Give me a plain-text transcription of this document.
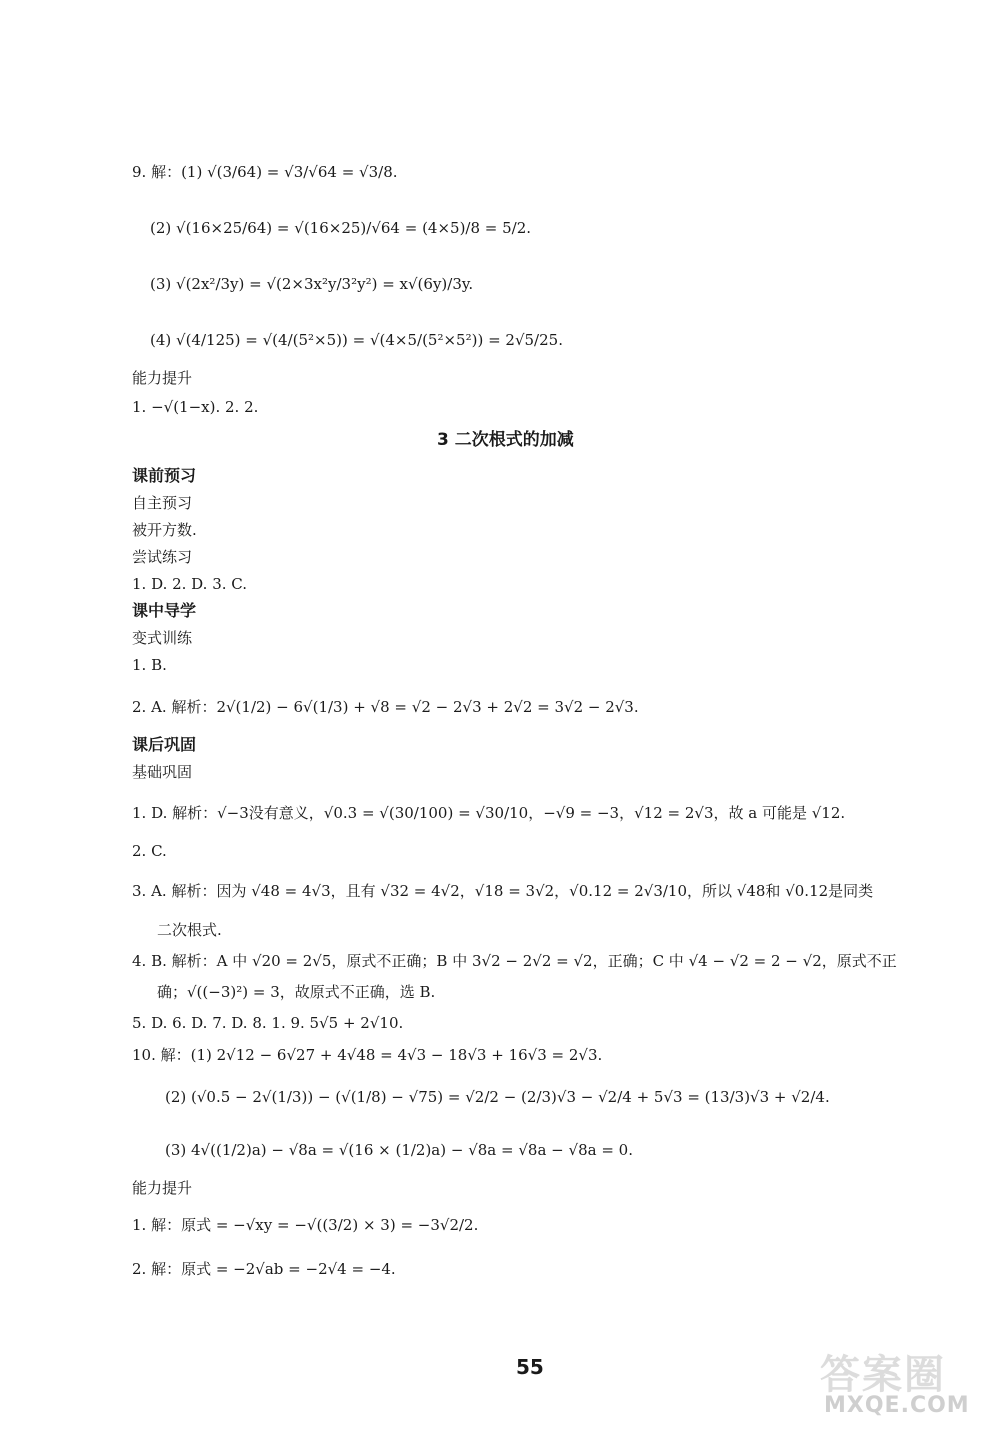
9. 解：(1) √(3/64) = √3/√64 = √3/8.
(2) √(16×25/64) = √(16×25)/√64 = (4×5)/8 = 5/2.
(3) √(2x²/3y) = √(2×3x²y/3²y²) = x√(6y)/3y.
(4) √(4/125) = √(4/(5²×5)) = √(4×5/(5²×5²)) = 2√5/25.
能力提升
1. −√(1−x). 2. 2.
3 二次根式的加减
课前预习
自主预习
被开方数.
尝试练习
1. D. 2. D. 3. C.
课中导学
变式训练
1. B.
2. A. 解析：2√(1/2) − 6√(1/3) + √8 = √2 − 2√3 + 2√2 = 3√2 − 2√3.
课后巩固
基础巩固
1. D. 解析：√−3没有意义，√0.3 = √(30/100) = √30/10，−√9 = −3，√12 = 2√3，故 a 可能是 √12.
2. C.
3. A. 解析：因为 √48 = 4√3，且有 √32 = 4√2，√18 = 3√2，√0.12 = 2√3/10，所以 √48和 √0.12是同类
二次根式.
4. B. 解析：A 中 √20 = 2√5，原式不正确；B 中 3√2 − 2√2 = √2，正确；C 中 √4 − √2 = 2 − √2，原式不正
确；√((−3)²) = 3，故原式不正确，选 B.
5. D. 6. D. 7. D. 8. 1. 9. 5√5 + 2√10.
10. 解：(1) 2√12 − 6√27 + 4√48 = 4√3 − 18√3 + 16√3 = 2√3.
(2) (√0.5 − 2√(1/3)) − (√(1/8) − √75) = √2/2 − (2/3)√3 − √2/4 + 5√3 = (13/3)√3 + √2/4.
(3) 4√((1/2)a) − √8a = √(16 × (1/2)a) − √8a = √8a − √8a = 0.
能力提升
1. 解：原式 = −√xy = −√((3/2) × 3) = −3√2/2.
2. 解：原式 = −2√ab = −2√4 = −4.
55	答案圈
MXQE.COM
